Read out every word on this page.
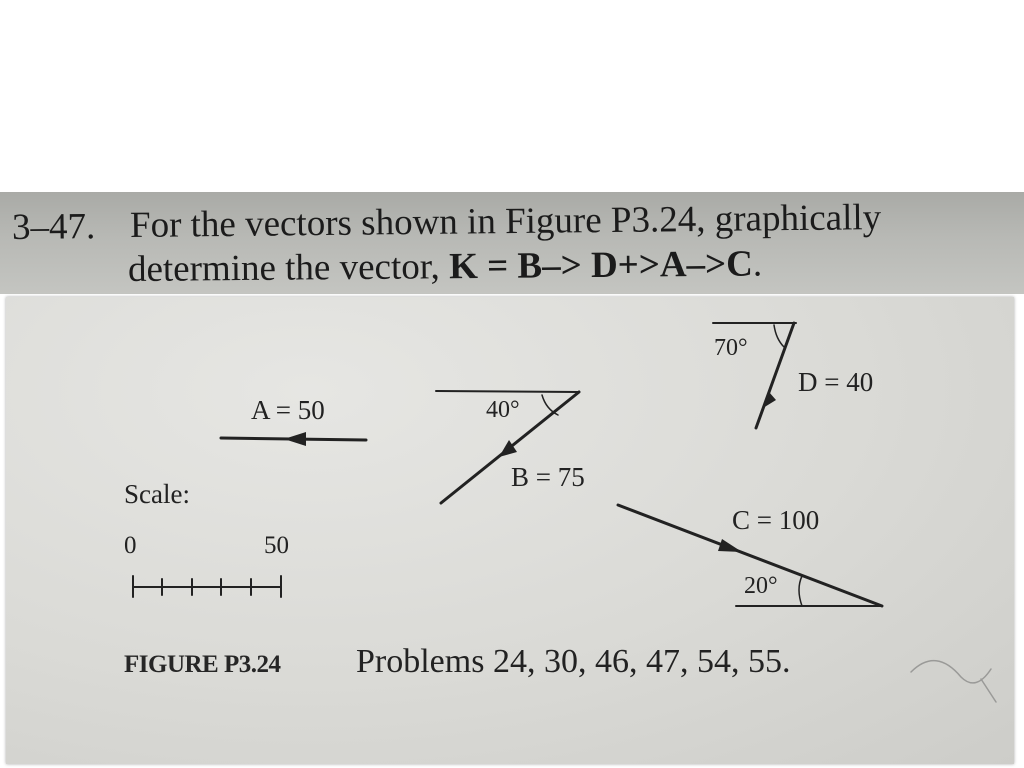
3–47. For the vectors shown in Figure P3.24, graphically
determine the vector, K = B–> D+>A–>C.
A = 50	40°
B = 75
C = 100
20°
70°
D = 40
Scale:
0	50
FIGURE P3.24 Problems 24, 30, 46, 47, 54, 55.
